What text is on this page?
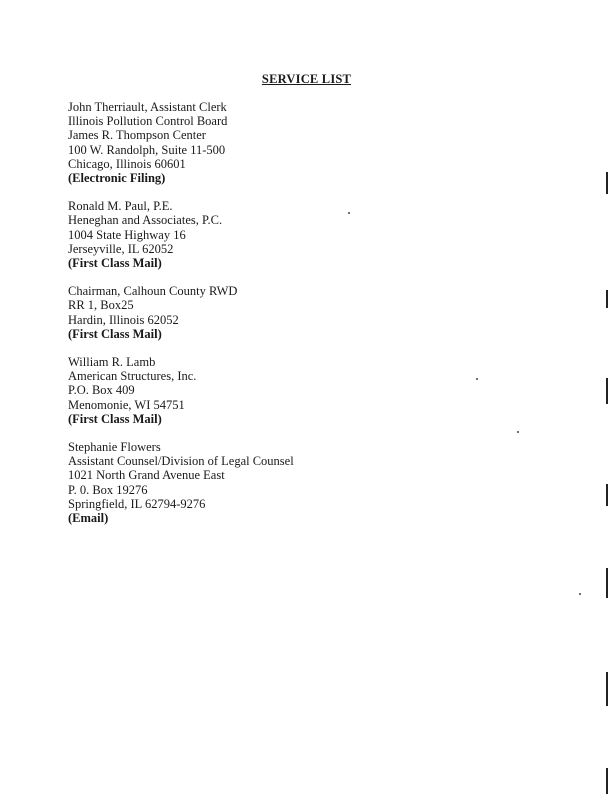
SERVICE LIST
John Therriault, Assistant Clerk
Illinois Pollution Control Board
James R. Thompson Center
100 W. Randolph, Suite 11-500
Chicago, Illinois 60601
(Electronic Filing)
Ronald M. Paul, P.E.
Heneghan and Associates, P.C.
1004 State Highway 16
Jerseyville, IL 62052
(First Class Mail)
Chairman, Calhoun County RWD
RR 1, Box25
Hardin, Illinois 62052
(First Class Mail)
William R. Lamb
American Structures, Inc.
P.O. Box 409
Menomonie, WI 54751
(First Class Mail)
Stephanie Flowers
Assistant Counsel/Division of Legal Counsel
1021 North Grand Avenue East
P. 0. Box 19276
Springfield, IL 62794-9276
(Email)
